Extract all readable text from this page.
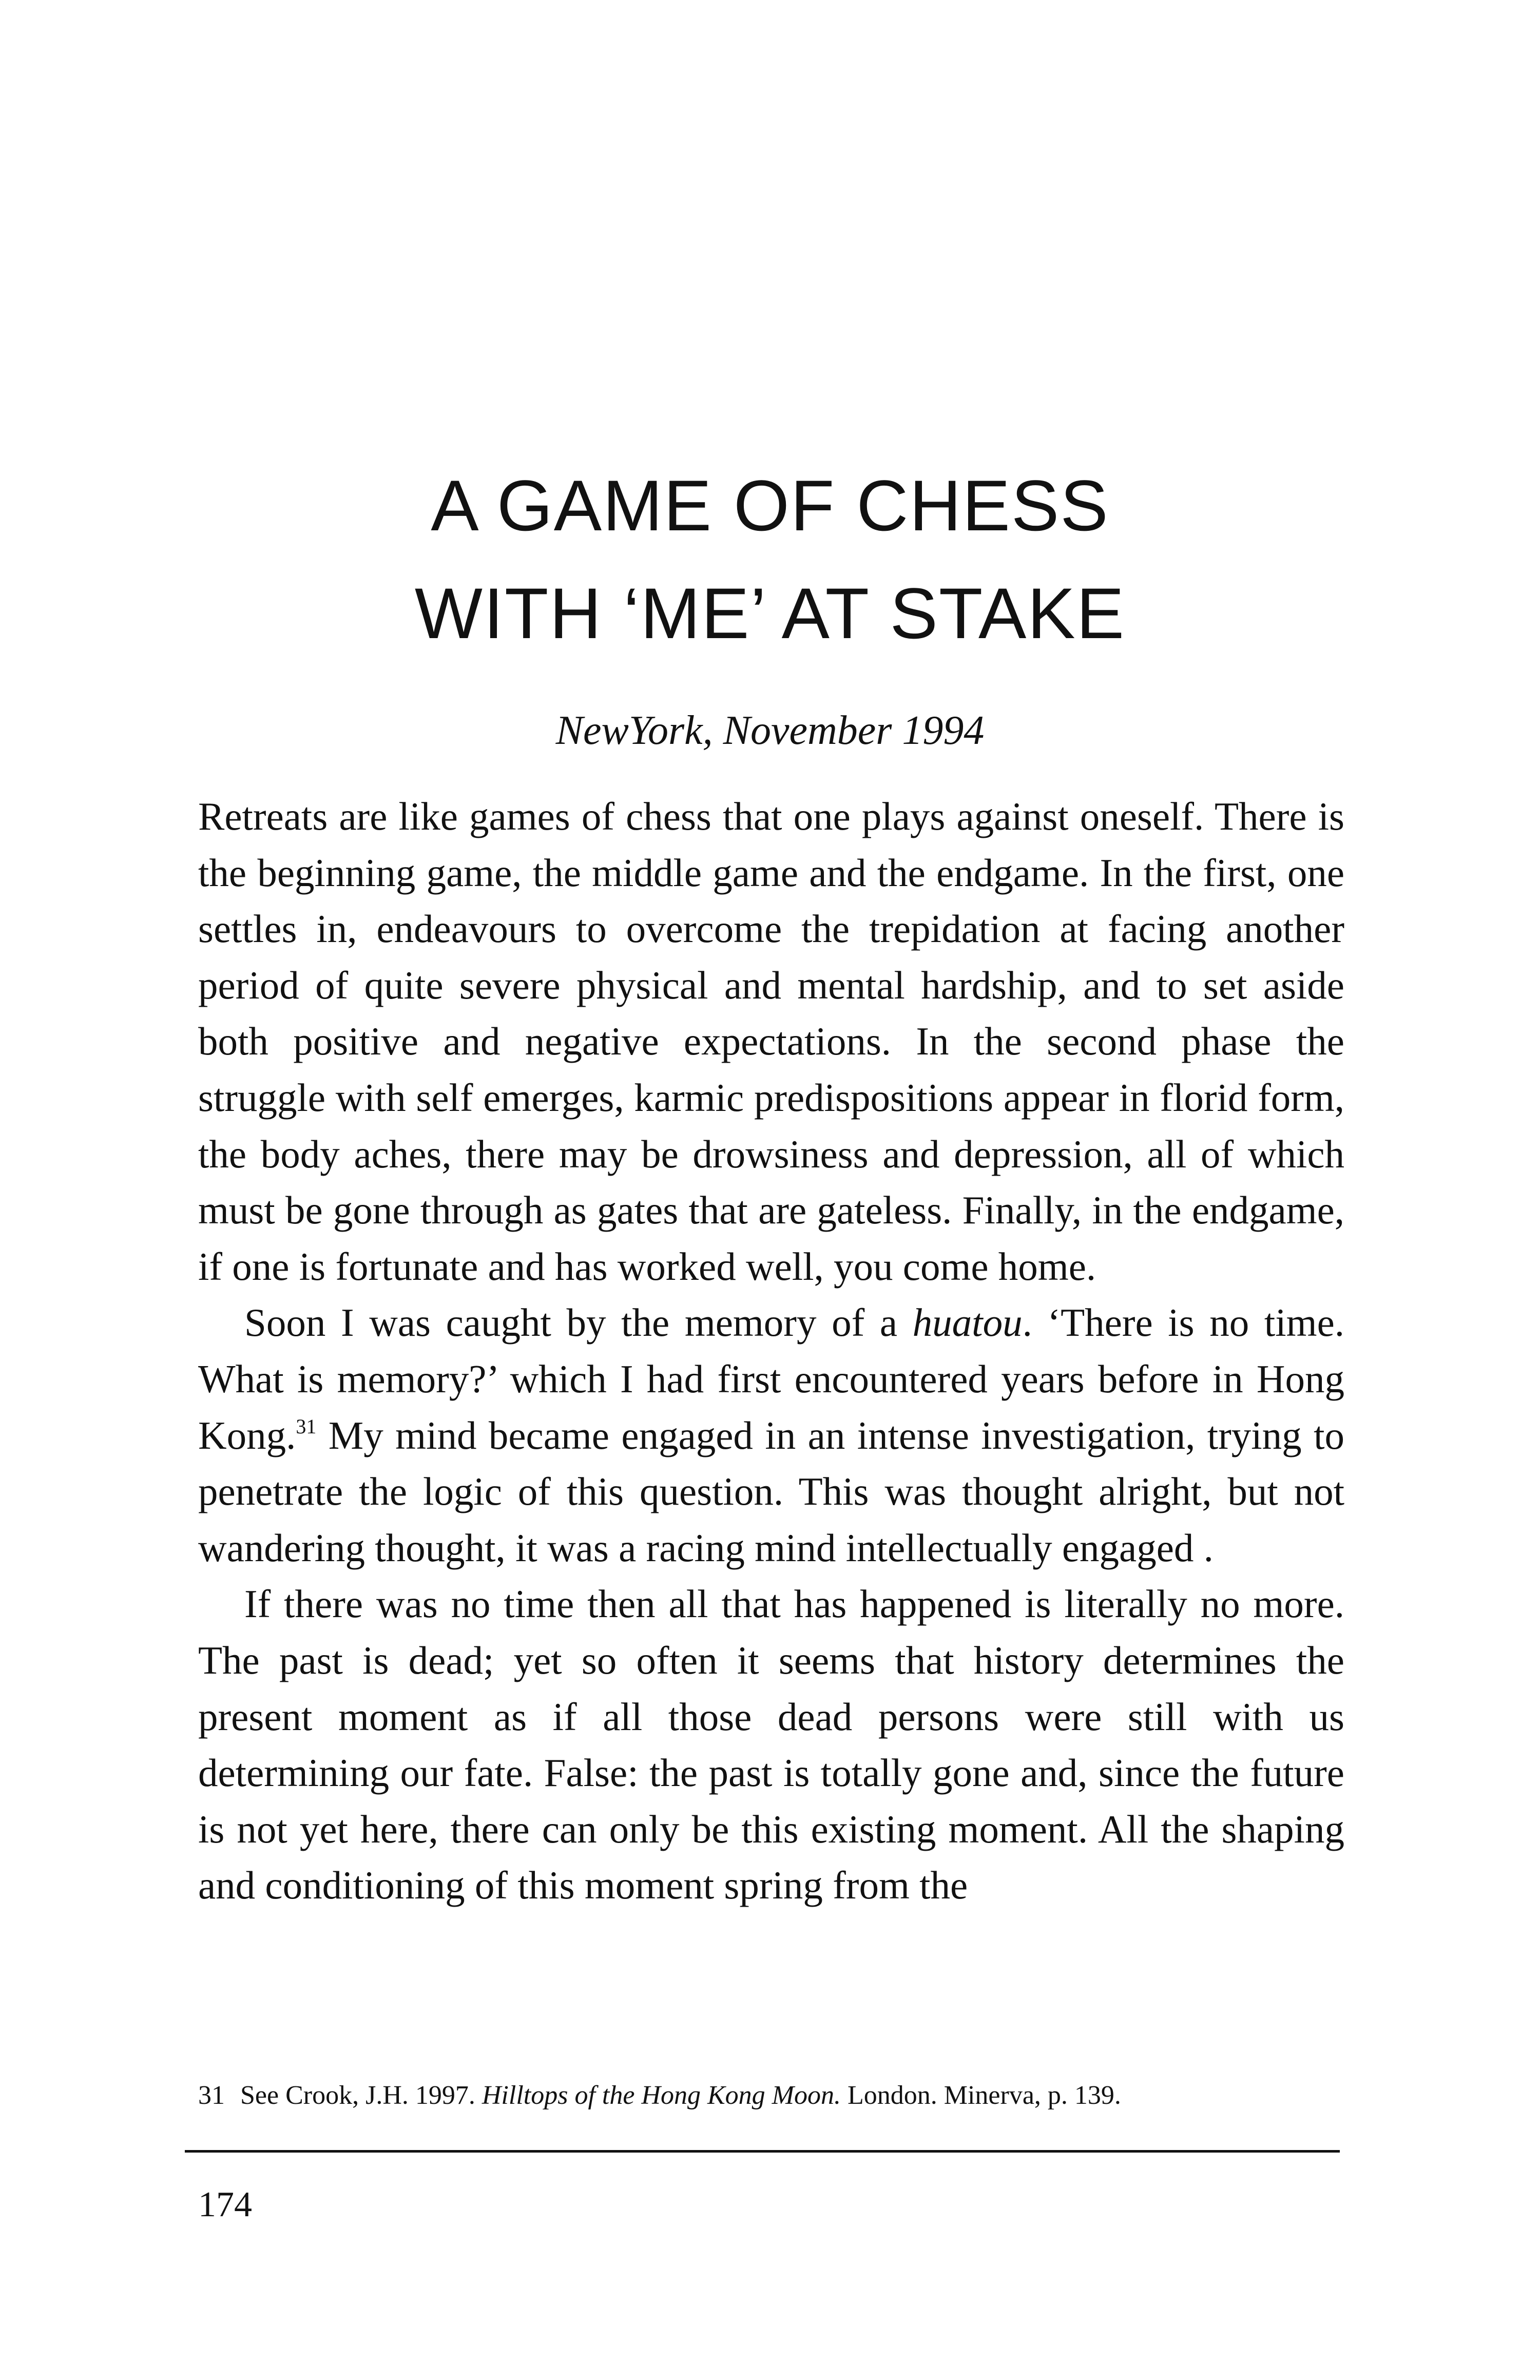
A GAME OF CHESS
WITH ‘ME’ AT STAKE
NewYork, November 1994

Retreats are like games of chess that one plays against oneself. There is the beginning game, the middle game and the endgame. In the first, one settles in, endeavours to overcome the trepidation at facing another period of quite severe physical and mental hardship, and to set aside both positive and negative expectations. In the second phase the struggle with self emerges, karmic predispositions appear in florid form, the body aches, there may be drowsiness and depression, all of which must be gone through as gates that are gateless. Finally, in the endgame, if one is fortunate and has worked well, you come home.

Soon I was caught by the memory of a huatou. ‘There is no time. What is memory?’ which I had first encountered years before in Hong Kong.$^{31}$ My mind became engaged in an intense investigation, trying to penetrate the logic of this question. This was thought alright, but not wandering thought, it was a racing mind intellectually engaged .

If there was no time then all that has happened is literally no more. The past is dead; yet so often it seems that history determines the present moment as if all those dead persons were still with us determining our fate. False: the past is totally gone and, since the future is not yet here, there can only be this existing moment. All the shaping and conditioning of this moment spring from the

31 See Crook, J.H. 1997. Hilltops of the Hong Kong Moon. London. Minerva, p. 139.
174
